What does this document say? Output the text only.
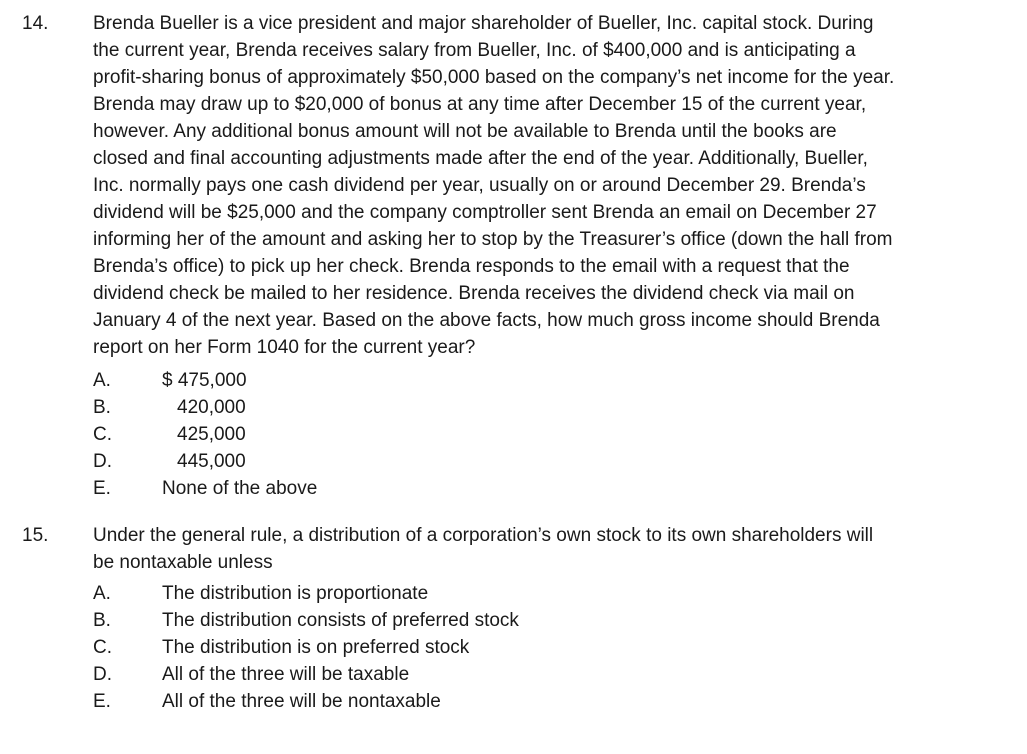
14. Brenda Bueller is a vice president and major shareholder of Bueller, Inc. capital stock. During
the current year, Brenda receives salary from Bueller, Inc. of $400,000 and is anticipating a
profit-sharing bonus of approximately $50,000 based on the company’s net income for the year.
Brenda may draw up to $20,000 of bonus at any time after December 15 of the current year,
however. Any additional bonus amount will not be available to Brenda until the books are
closed and final accounting adjustments made after the end of the year. Additionally, Bueller,
Inc. normally pays one cash dividend per year, usually on or around December 29. Brenda’s
dividend will be $25,000 and the company comptroller sent Brenda an email on December 27
informing her of the amount and asking her to stop by the Treasurer’s office (down the hall from
Brenda’s office) to pick up her check. Brenda responds to the email with a request that the
dividend check be mailed to her residence. Brenda receives the dividend check via mail on
January 4 of the next year. Based on the above facts, how much gross income should Brenda
report on her Form 1040 for the current year?
A.	$ 475,000
B.	420,000
C.	425,000
D.	445,000
E.	None of the above
15. Under the general rule, a distribution of a corporation’s own stock to its own shareholders will
be nontaxable unless
A.	The distribution is proportionate
B.	The distribution consists of preferred stock
C.	The distribution is on preferred stock
D.	All of the three will be taxable
E.	All of the three will be nontaxable
